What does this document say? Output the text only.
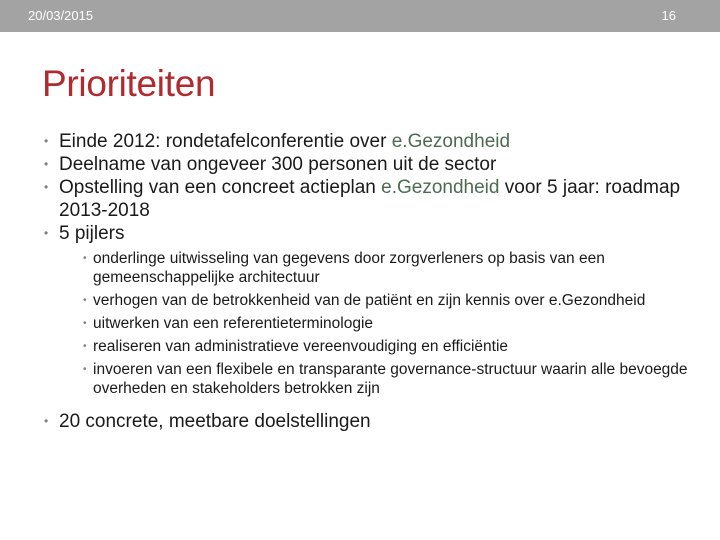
20/03/2015	16
Prioriteiten
• Einde 2012: rondetafelconferentie over e.Gezondheid
• Deelname van ongeveer 300 personen uit de sector
• Opstelling van een concreet actieplan e.Gezondheid voor 5 jaar: roadmap 2013-2018
• 5 pijlers
• onderlinge uitwisseling van gegevens door zorgverleners op basis van een gemeenschappelijke architectuur
• verhogen van de betrokkenheid van de patiënt en zijn kennis over e.Gezondheid
• uitwerken van een referentieterminologie
• realiseren van administratieve vereenvoudiging en efficiëntie
• invoeren van een flexibele en transparante governance-structuur waarin alle bevoegde overheden en stakeholders betrokken zijn
• 20 concrete, meetbare doelstellingen
